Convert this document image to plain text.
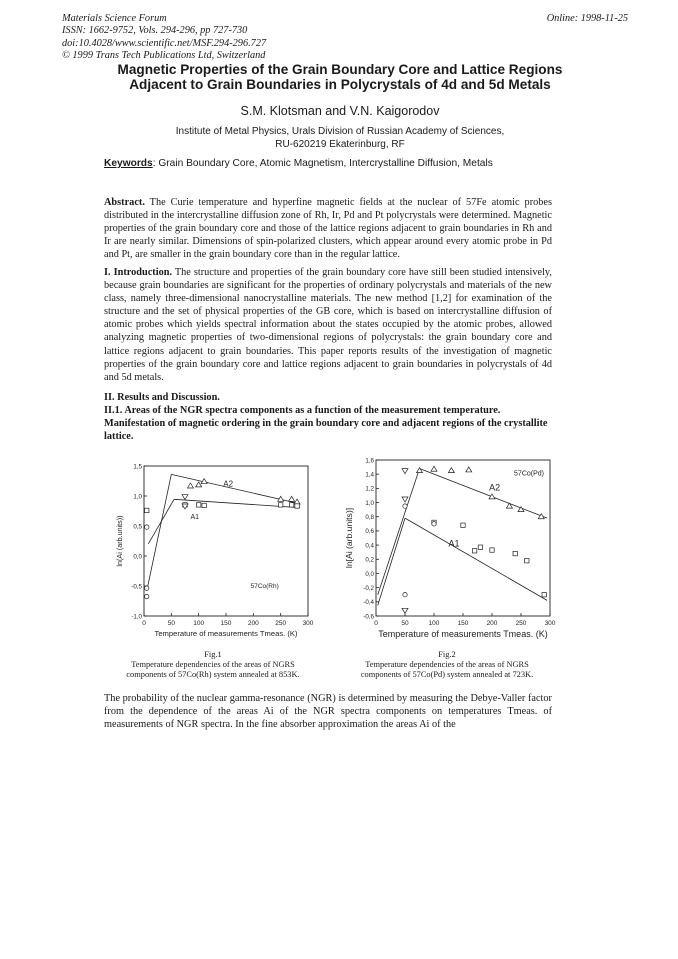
Materials Science Forum
ISSN: 1662-9752, Vols. 294-296, pp 727-730
doi:10.4028/www.scientific.net/MSF.294-296.727
© 1999 Trans Tech Publications Ltd, Switzerland
Online: 1998-11-25
Magnetic Properties of the Grain Boundary Core and Lattice Regions
Adjacent to Grain Boundaries in Polycrystals of 4d and 5d Metals
S.M. Klotsman and V.N. Kaigorodov
Institute of Metal Physics, Urals Division of Russian Academy of Sciences,
RU-620219 Ekaterinburg, RF
Keywords: Grain Boundary Core, Atomic Magnetism, Intercrystalline Diffusion, Metals
Abstract. The Curie temperature and hyperfine magnetic fields at the nuclear of 57Fe atomic probes distributed in the intercrystalline diffusion zone of Rh, Ir, Pd and Pt polycrystals were determined. Magnetic properties of the grain boundary core and those of the lattice regions adjacent to grain boundaries in Rh and Ir are nearly similar. Dimensions of spin-polarized clusters, which appear around every atomic probe in Pd and Pt, are smaller in the grain boundary core than in the regular lattice.
I. Introduction. The structure and properties of the grain boundary core have still been studied intensively, because grain boundaries are significant for the properties of ordinary polycrystals and materials of the new class, namely three-dimensional nanocrystalline materials. The new method [1,2] for examination of the structure and the set of physical properties of the GB core, which is based on intercrystalline diffusion of atomic probes which yields spectral information about the states occupied by the atomic probes, allowed analyzing magnetic properties of two-dimensional regions of polycrystals: the grain boundary core and lattice regions adjacent to grain boundaries. This paper reports results of the investigation of magnetic properties of the grain boundary core and lattice regions adjacent to grain boundaries in polycrystals of 4d and 5d metals.
II. Results and Discussion.
II.1. Areas of the NGR spectra components as a function of the measurement temperature. Manifestation of magnetic ordering in the grain boundary core and adjacent regions of the crystallite lattice.
0	50	100	150	200	250	300
-1,0
-0,5
0,0
0,5
1,0
1,5
A2
A1
57Co(Rh)
Temperature of measurements Tmeas. (K)
ln(Ai (arb.units))
Fig.1
Temperature dependencies of the areas of NGRS
components of 57Co(Rh) system annealed at 853K.
0	50	100	150	200	250	300
-0,6
-0,4
-0,2
0,0
0,2
0,4
0,6
0,8
1,0
1,2
1,4
1,6
A2
A1
57Co(Pd)
Temperature of measurements Tmeas. (K)
ln[Ai (arb.units)]
Fig.2
Temperature dependencies of the areas of NGRS
components of 57Co(Pd) system annealed at 723K.
The probability of the nuclear gamma-resonance (NGR) is determined by measuring the Debye-Valler factor from the dependence of the areas Ai of the NGR spectra components on temperatures Tmeas. of measurements of NGR spectra. In the fine absorber approximation the areas Ai of the
